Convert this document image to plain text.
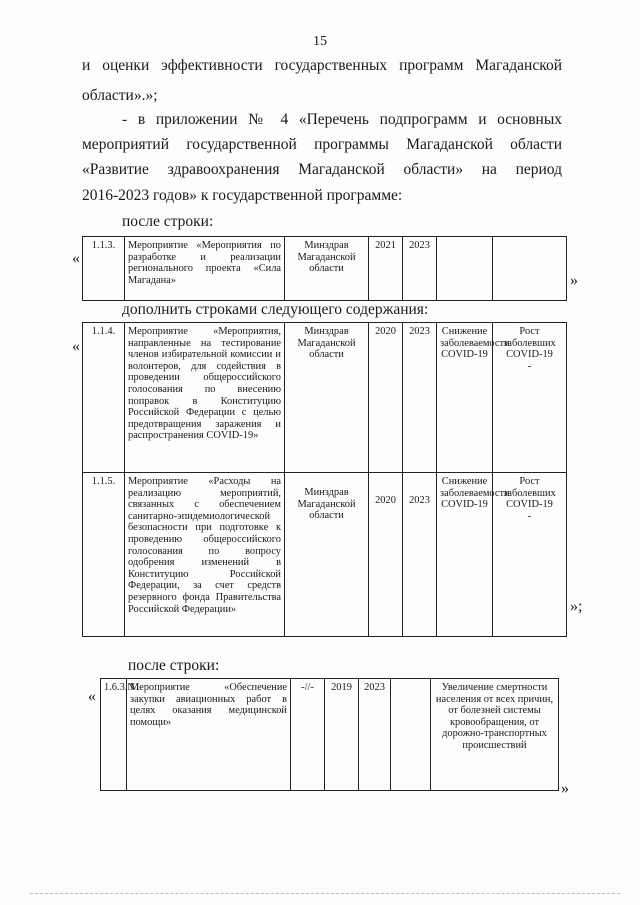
15
и оценки эффективности государственных программ Магаданской
области».»;
- в приложении № 4 «Перечень подпрограмм и основных
мероприятий государственной программы Магаданской области
«Развитие здравоохранения Магаданской области» на период
2016-2023 годов» к государственной программе:
после строки:
«
1.1.3.	Мероприятие «Мероприятия по разработке и реализации регионального проекта «Сила Магадана»	Минздрав Магаданской области	2021	2023		
»
дополнить строками следующего содержания:
«
1.1.4.	Мероприятие «Мероприятия, направленные на тестирование членов избирательной комиссии и волонтеров, для содействия в проведении общероссийского голосования по внесению поправок в Конституцию Российской Федерации с целью предотвращения заражения и распространения COVID-19»	Минздрав Магаданской области	2020	2023	Снижение заболеваемости COVID-19	Рост заболевших COVID-19
-
1.1.5.	Мероприятие «Расходы на реализацию мероприятий, связанных с обеспечением санитарно-эпидемиологической безопасности при подготовке к проведению общероссийского голосования по вопросу одобрения изменений в Конституцию Российской Федерации, за счет средств резервного фонда Правительства Российской Федерации»	Минздрав Магаданской области	2020	2023	Снижение заболеваемости COVID-19	Рост заболевших COVID-19
-
»;
после строки:
«
1.6.3.N1	Мероприятие «Обеспечение закупки авиационных работ в целях оказания медицинской помощи»	-//-	2019	2023		Увеличение смертности населения от всех причин, от болезней системы кровообращения, от дорожно-транспортных происшествий
»
